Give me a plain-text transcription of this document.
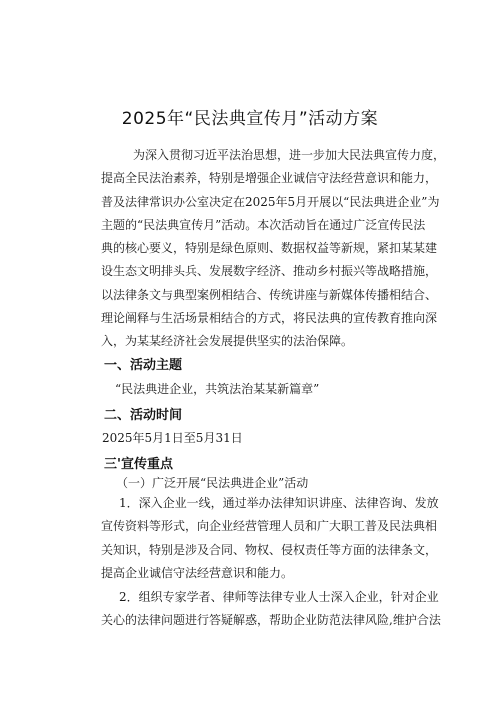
2025年“民法典宣传月”活动方案
为深入贯彻习近平法治思想，进一步加大民法典宣传力度，
提高全民法治素养，特别是增强企业诚信守法经营意识和能力，
普及法律常识办公室决定在2025年5月开展以“民法典进企业”为
主题的“民法典宣传月”活动。本次活动旨在通过广泛宣传民法
典的核心要义，特别是绿色原则、数据权益等新规，紧扣某某建
设生态文明排头兵、发展数字经济、推动乡村振兴等战略措施，
以法律条文与典型案例相结合、传统讲座与新媒体传播相结合、
理论阐释与生活场景相结合的方式，将民法典的宣传教育推向深
入，为某某经济社会发展提供坚实的法治保障。
一、活动主题
“民法典进企业，共筑法治某某新篇章”
二、活动时间
2025年5月1日至5月31日
三'宣传重点
（一）广泛开展“民法典进企业”活动
1．深入企业一线，通过举办法律知识讲座、法律咨询、发放
宣传资料等形式，向企业经营管理人员和广大职工普及民法典相
关知识，特别是涉及合同、物权、侵权责任等方面的法律条文，
提高企业诚信守法经营意识和能力。
2．组织专家学者、律师等法律专业人士深入企业，针对企业
关心的法律问题进行答疑解惑，帮助企业防范法律风险,维护合法
